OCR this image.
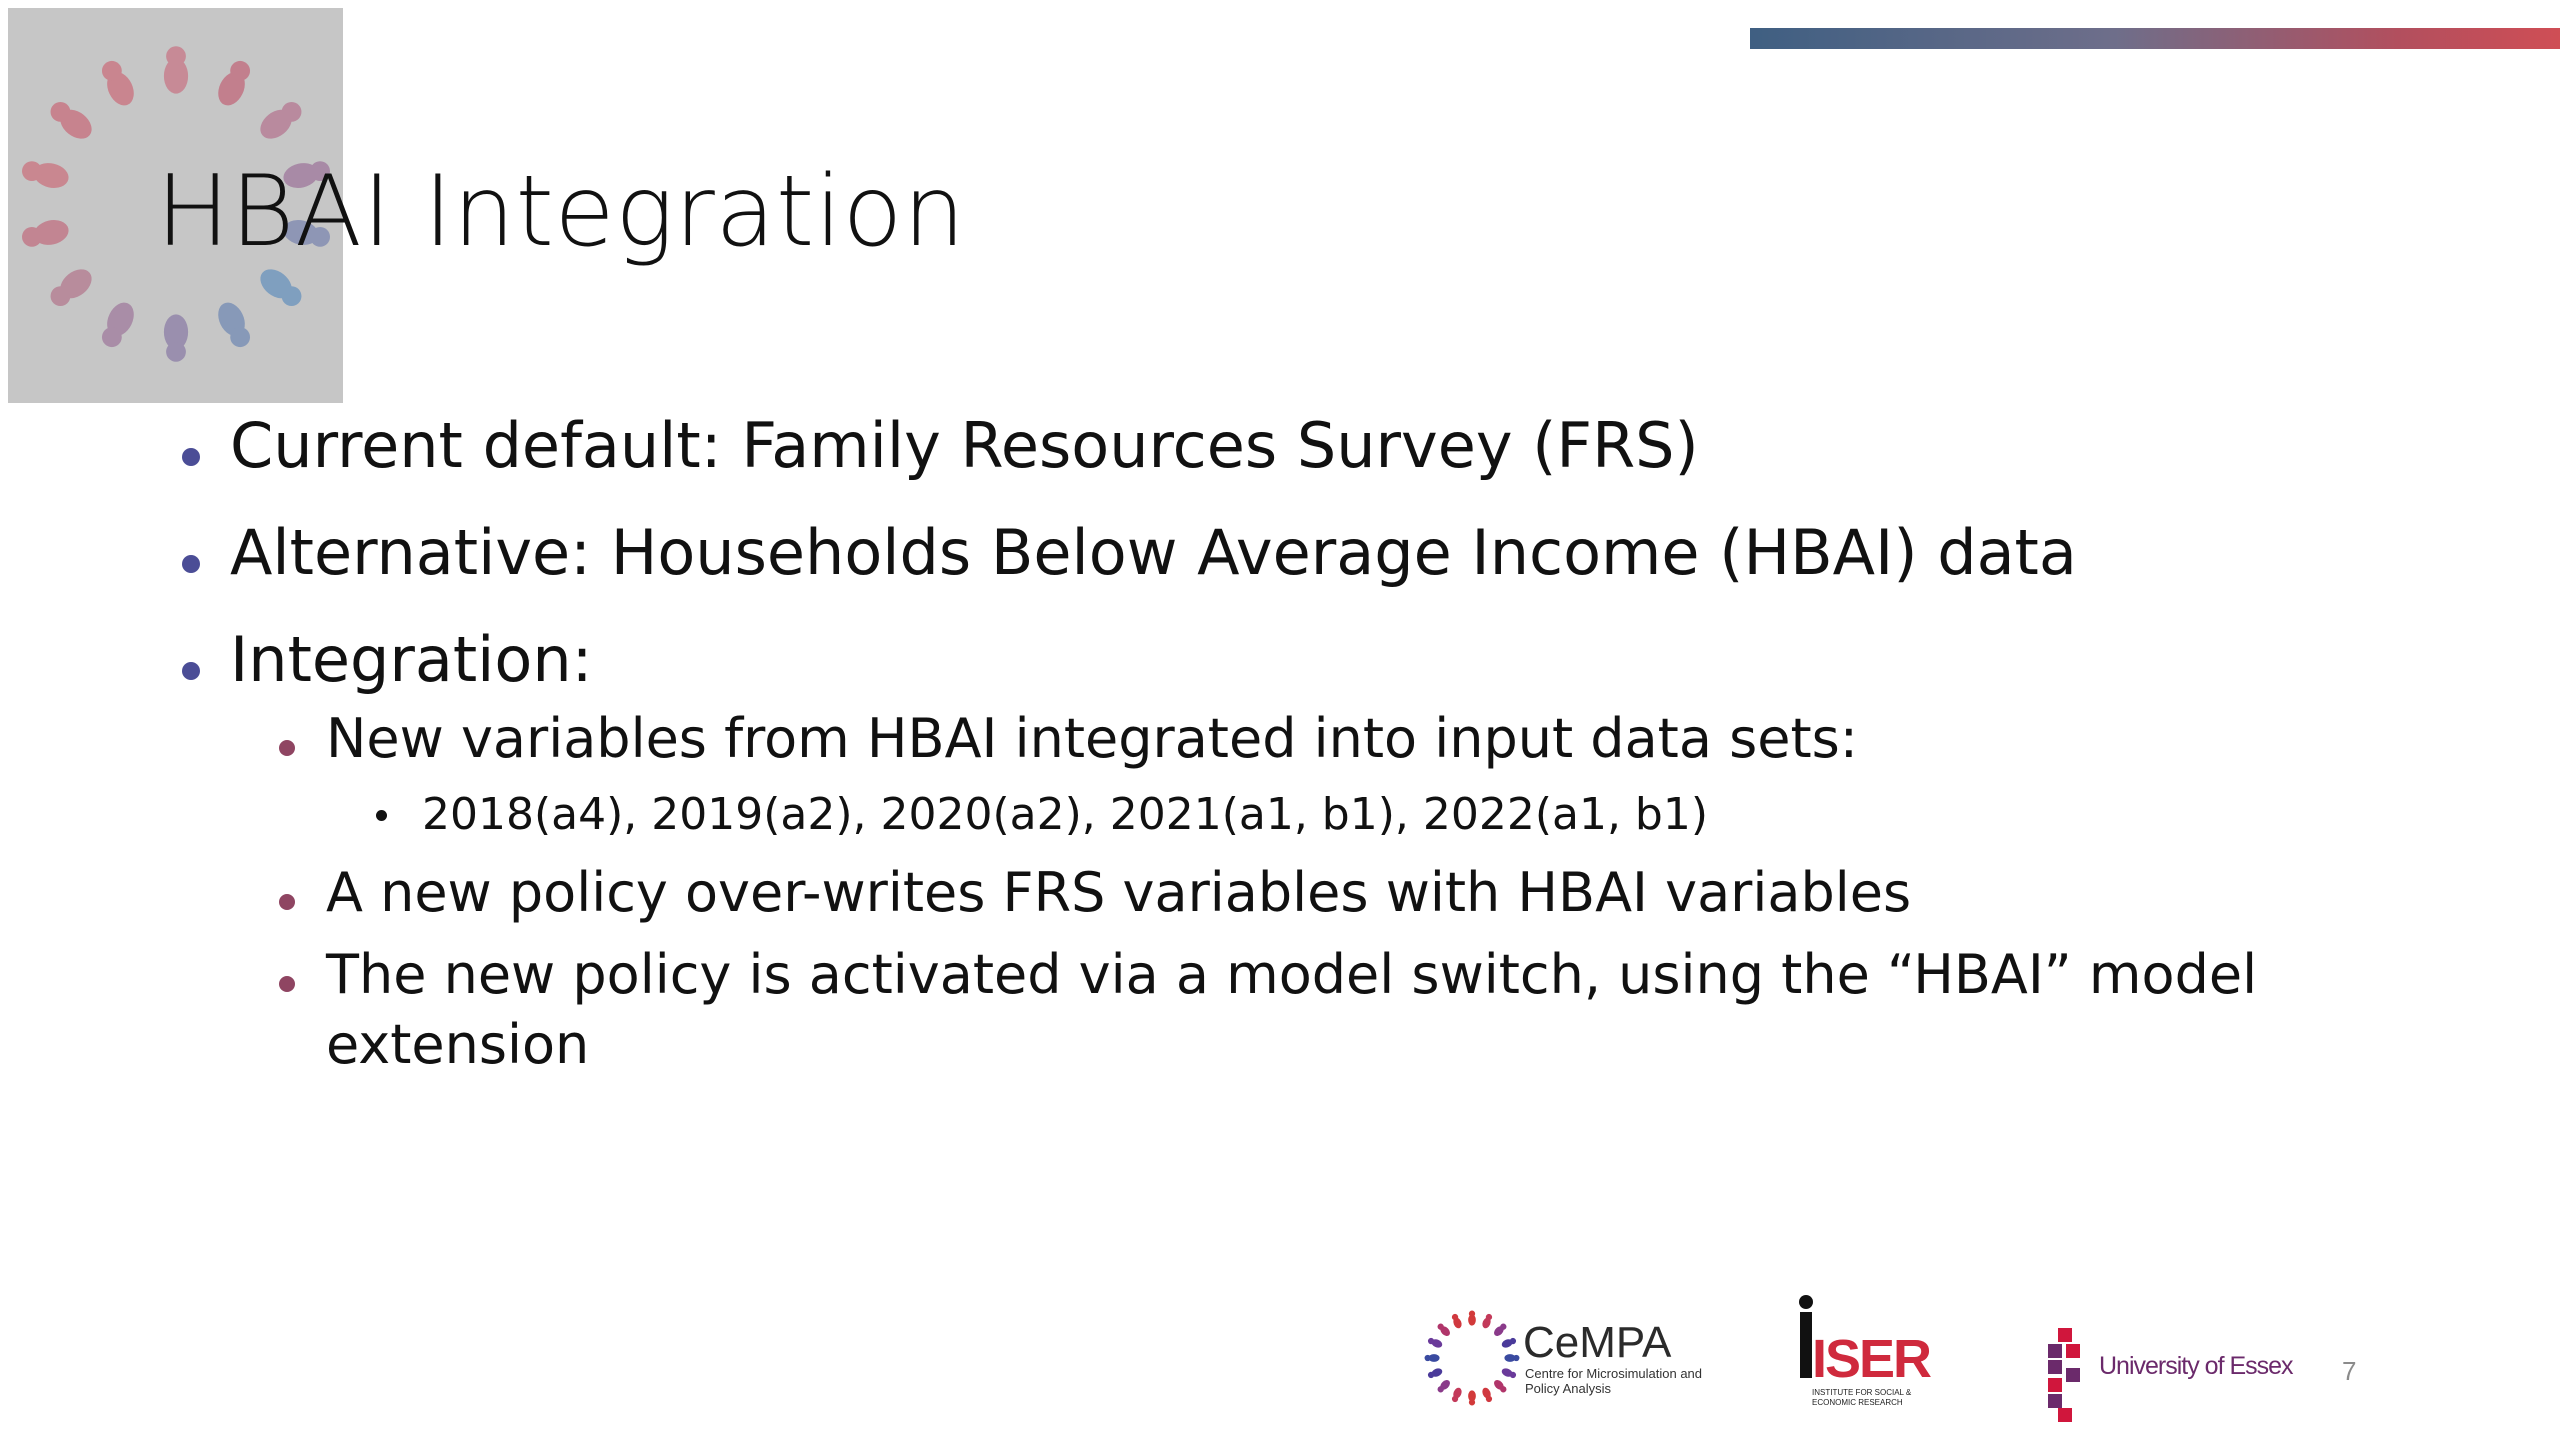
HBAI Integration
Current default: Family Resources Survey (FRS)
Alternative: Households Below Average Income (HBAI) data
Integration:
New variables from HBAI integrated into input data sets:
2018(a4), 2019(a2), 2020(a2), 2021(a1, b1), 2022(a1, b1)
A new policy over-writes FRS variables with HBAI variables
The new policy is activated via a model switch, using the “HBAI” model
extension
CeMPA
Centre for Microsimulation and Policy Analysis	ISER
INSTITUTE FOR SOCIAL & ECONOMIC RESEARCH
University of Essex 7
